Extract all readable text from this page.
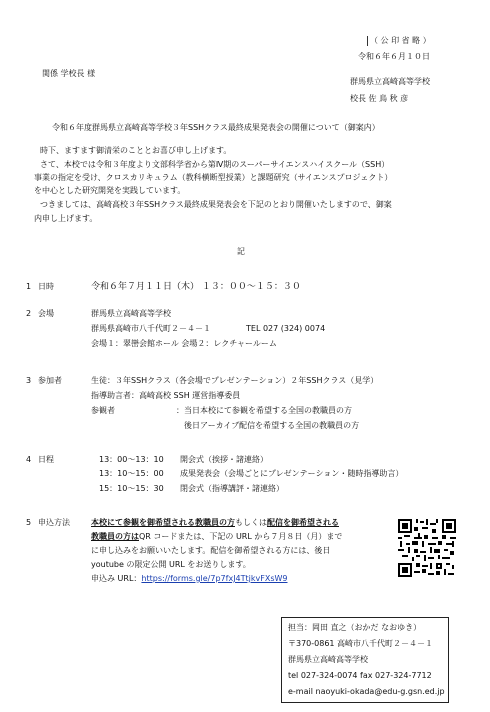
（ 公 印 省 略 ）
令和６年６月１０日
関係 学校長 様
群馬県立高崎高等学校
校長 佐 鳥 秋 彦
令和６年度群馬県立高崎高等学校３年SSHクラス最終成果発表会の開催について（御案内）
時下、ますます御清栄のこととお喜び申し上げます。
さて、本校では令和３年度より文部科学省から第Ⅳ期のスーパーサイエンスハイスクール（SSH）
事業の指定を受け、クロスカリキュラム（教科横断型授業）と課題研究（サイエンスプロジェクト）
を中心とした研究開発を実践しています。
つきましては、高崎高校３年SSHクラス最終成果発表会を下記のとおり開催いたしますので、御案
内申し上げます。
記
1 日時	令和６年７月１１日（木） １３：００～１５：３０
2 会場	群馬県立高崎高等学校
群馬県高崎市八千代町２－４－１	TEL 027 (324) 0074
会場１：翠巒会館ホール 会場２：レクチャールーム
3 参加者	生徒：３年SSHクラス（各会場でプレゼンテーション）２年SSHクラス（見学）
指導助言者：高崎高校 SSH 運営指導委員
参観者	：当日本校にて参観を希望する全国の教職員の方
後日アーカイブ配信を希望する全国の教職員の方
4 日程	13：00～13：10 開会式（挨拶・諸連絡）
13：10～15：00 成果発表会（会場ごとにプレゼンテーション・随時指導助言）
15：10～15：30 閉会式（指導講評・諸連絡）
5 申込方法	本校にて参観を御希望される教職員の方もしくは配信を御希望される
教職員の方はQR コードまたは、下記の URL から７月８日（月）まで
に申し込みをお願いいたします。配信を御希望される方には、後日
youtube の限定公開 URL をお送りします。
申込み URL：https://forms.gle/7p7fxJ4TtjkvFXsW9
担当：岡田 直之（おかだ なおゆき）
〒370-0861 高崎市八千代町２－４－１
群馬県立高崎高等学校
tel 027-324-0074 fax 027-324-7712
e-mail naoyuki-okada@edu-g.gsn.ed.jp
